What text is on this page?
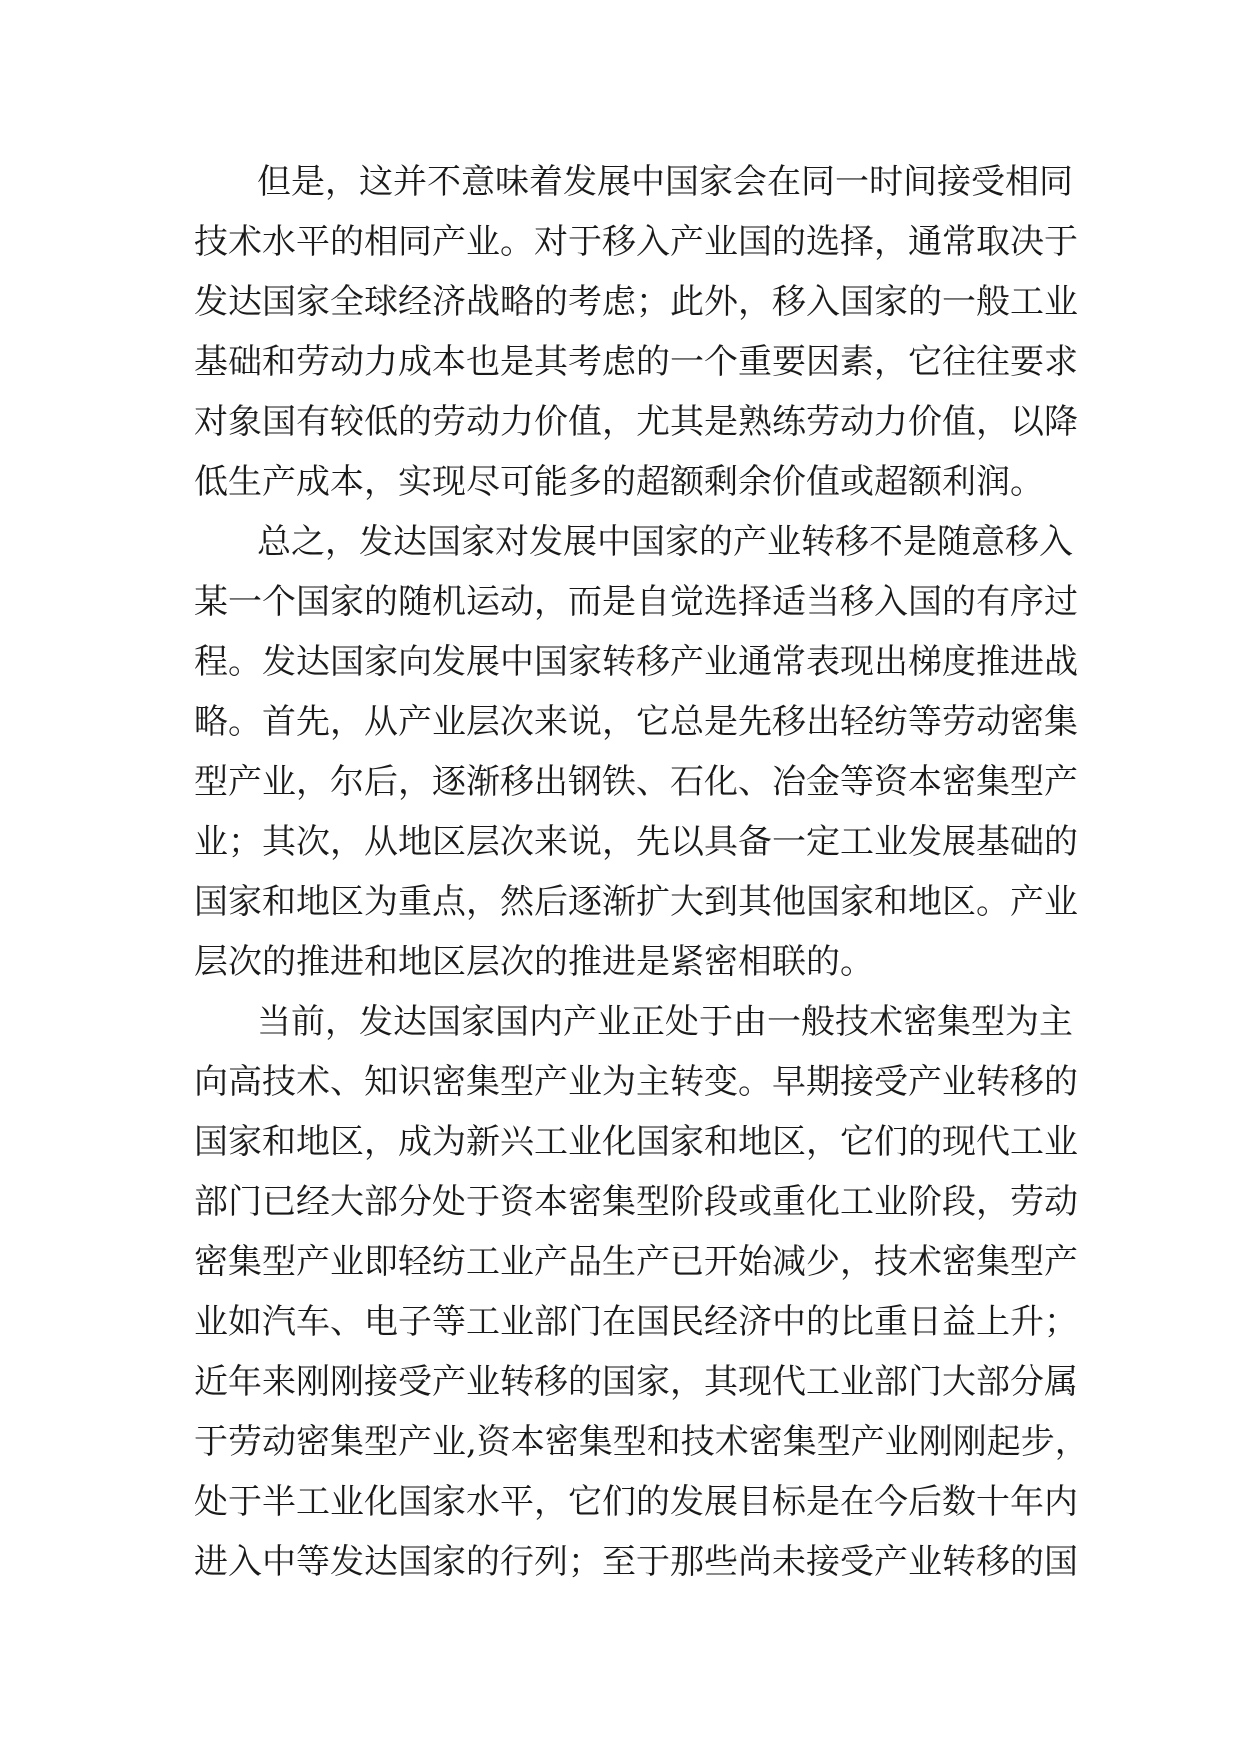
但是，这并不意味着发展中国家会在同一时间接受相同
技术水平的相同产业。对于移入产业国的选择，通常取决于
发达国家全球经济战略的考虑；此外，移入国家的一般工业
基础和劳动力成本也是其考虑的一个重要因素，它往往要求
对象国有较低的劳动力价值，尤其是熟练劳动力价值，以降
低生产成本，实现尽可能多的超额剩余价值或超额利润。
总之，发达国家对发展中国家的产业转移不是随意移入
某一个国家的随机运动，而是自觉选择适当移入国的有序过
程。发达国家向发展中国家转移产业通常表现出梯度推进战
略。首先，从产业层次来说，它总是先移出轻纺等劳动密集
型产业，尔后，逐渐移出钢铁、石化、冶金等资本密集型产
业；其次，从地区层次来说，先以具备一定工业发展基础的
国家和地区为重点，然后逐渐扩大到其他国家和地区。产业
层次的推进和地区层次的推进是紧密相联的。
当前，发达国家国内产业正处于由一般技术密集型为主
向高技术、知识密集型产业为主转变。早期接受产业转移的
国家和地区，成为新兴工业化国家和地区，它们的现代工业
部门已经大部分处于资本密集型阶段或重化工业阶段，劳动
密集型产业即轻纺工业产品生产已开始减少，技术密集型产
业如汽车、电子等工业部门在国民经济中的比重日益上升；
近年来刚刚接受产业转移的国家，其现代工业部门大部分属
于劳动密集型产业,资本密集型和技术密集型产业刚刚起步，
处于半工业化国家水平，它们的发展目标是在今后数十年内
进入中等发达国家的行列；至于那些尚未接受产业转移的国
